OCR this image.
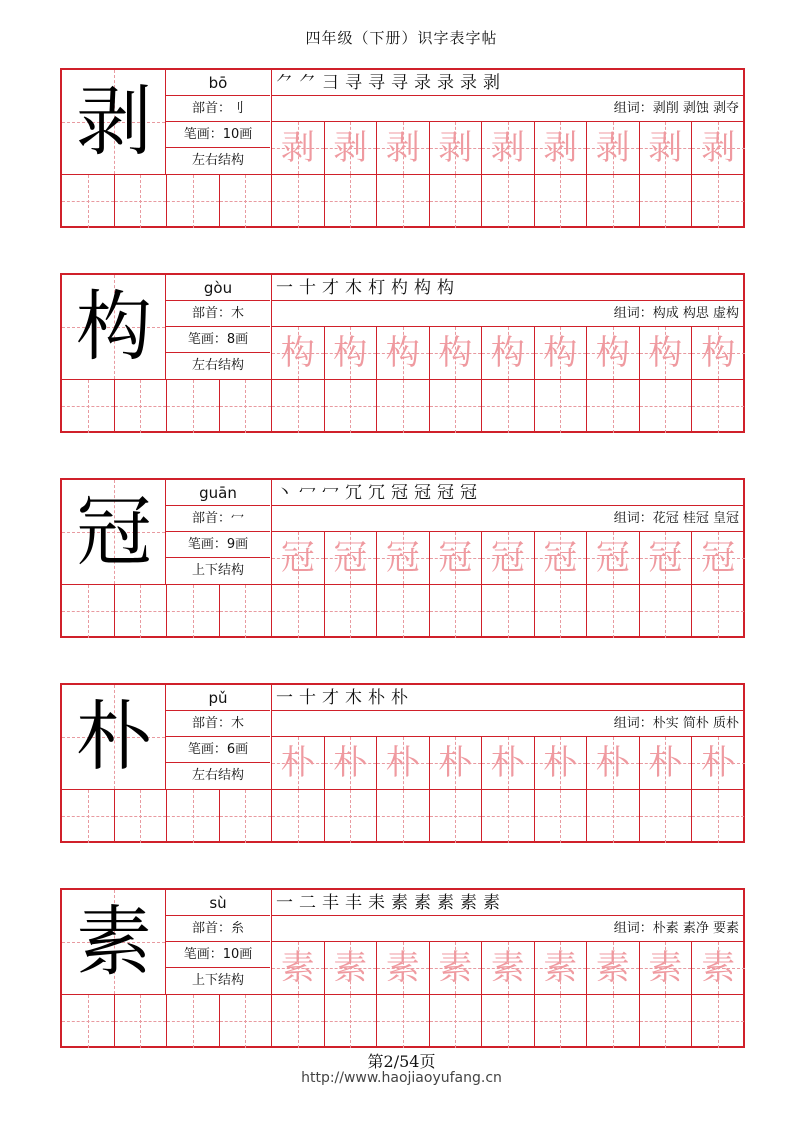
四年级（下册）识字表字帖
剥	bō
部首：刂
笔画：10画
左右结构
⺈⺈彐寻寻寻录录录剥
组词：剥削 剥蚀 剥夺
剥 剥 剥 剥 剥 剥 剥 剥 剥
构	gòu
部首：木
笔画：8画
左右结构
一十才木朾杓构构
组词：构成 构思 虚构
构 构 构 构 构 构 构 构 构
冠	guān
部首：冖
笔画：9画
上下结构
丶冖冖冗冗冠冠冠冠
组词：花冠 桂冠 皇冠
冠 冠 冠 冠 冠 冠 冠 冠 冠
朴	pǔ
部首：木
笔画：6画
左右结构
一十才木朴朴
组词：朴实 简朴 质朴
朴 朴 朴 朴 朴 朴 朴 朴 朴
素	sù
部首：糸
笔画：10画
上下结构
一二丰丰耒素素素素素
组词：朴素 素净 要素
素 素 素 素 素 素 素 素 素
第2/54页
http://www.haojiaoyufang.cn
